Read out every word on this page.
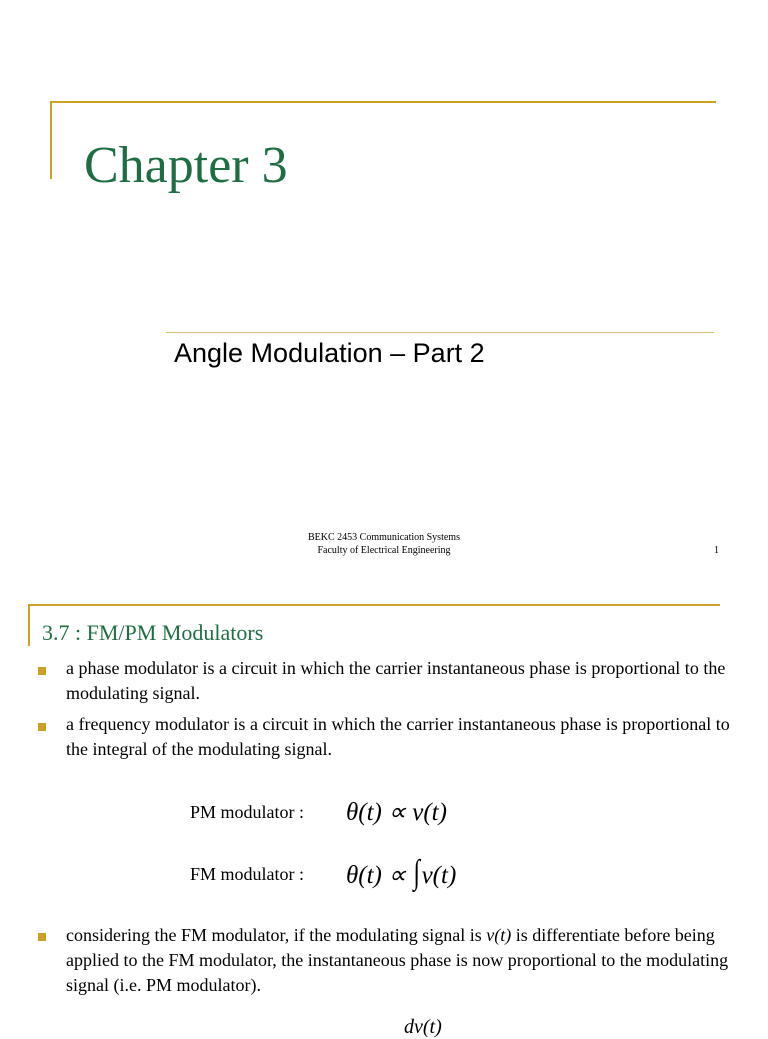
Chapter 3
Angle Modulation – Part 2
BEKC 2453 Communication Systems
Faculty of Electrical Engineering	1
3.7 : FM/PM Modulators
a phase modulator is a circuit in which the carrier instantaneous phase is proportional to the modulating signal.
a frequency modulator is a circuit in which the carrier instantaneous phase is proportional to the integral of the modulating signal.
PM modulator : θ(t) ∝ v(t)
FM modulator : θ(t) ∝ ∫v(t)
considering the FM modulator, if the modulating signal is v(t) is differentiate before being applied to the FM modulator, the instantaneous phase is now proportional to the modulating signal (i.e. PM modulator).
dv(t)
